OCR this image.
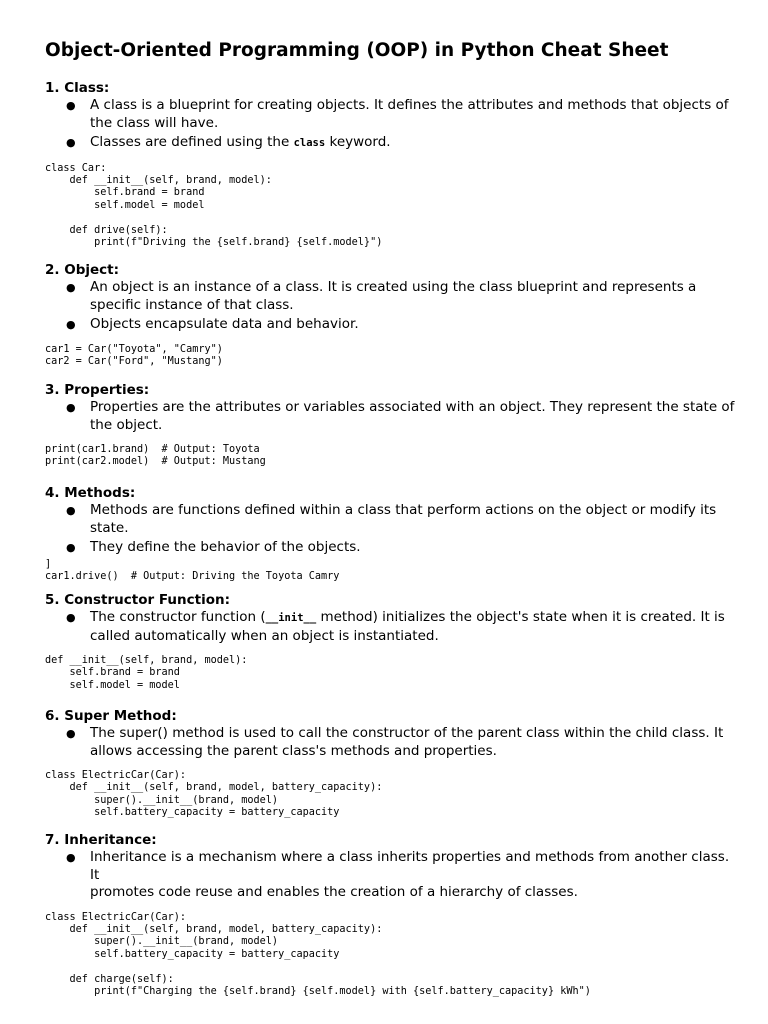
Object-Oriented Programming (OOP) in Python Cheat Sheet
1. Class:
● A class is a blueprint for creating objects. It defines the attributes and methods that objects of
the class will have.
● Classes are defined using the class keyword.
class Car:
def __init__(self, brand, model):
self.brand = brand
self.model = model

def drive(self):
print(f"Driving the {self.brand} {self.model}")
2. Object:
● An object is an instance of a class. It is created using the class blueprint and represents a
specific instance of that class.
● Objects encapsulate data and behavior.
car1 = Car("Toyota", "Camry")
car2 = Car("Ford", "Mustang")
3. Properties:
● Properties are the attributes or variables associated with an object. They represent the state of
the object.
print(car1.brand)  # Output: Toyota
print(car2.model)  # Output: Mustang
4. Methods:
● Methods are functions defined within a class that perform actions on the object or modify its
state.
● They define the behavior of the objects.
]
car1.drive()  # Output: Driving the Toyota Camry
5. Constructor Function:
● The constructor function (__init__ method) initializes the object's state when it is created. It is
called automatically when an object is instantiated.
def __init__(self, brand, model):
self.brand = brand
self.model = model
6. Super Method:
● The super() method is used to call the constructor of the parent class within the child class. It
allows accessing the parent class's methods and properties.
class ElectricCar(Car):
def __init__(self, brand, model, battery_capacity):
super().__init__(brand, model)
self.battery_capacity = battery_capacity
7. Inheritance:
● Inheritance is a mechanism where a class inherits properties and methods from another class. It
promotes code reuse and enables the creation of a hierarchy of classes.
class ElectricCar(Car):
def __init__(self, brand, model, battery_capacity):
super().__init__(brand, model)
self.battery_capacity = battery_capacity

def charge(self):
print(f"Charging the {self.brand} {self.model} with {self.battery_capacity} kWh")
